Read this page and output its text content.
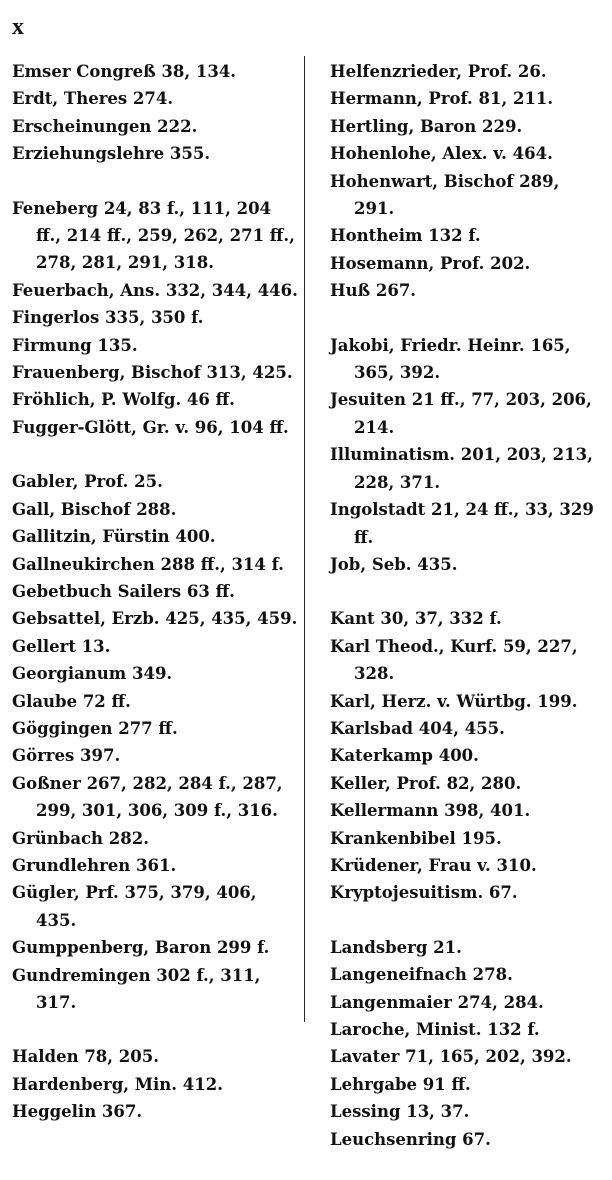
x
Emser Congreß 38, 134.
Erdt, Theres 274.
Erscheinungen 222.
Erziehungslehre 355.
Feneberg 24, 83 f., 111, 204 ff., 214 ff., 259, 262, 271 ff., 278, 281, 291, 318.
Feuerbach, Ans. 332, 344, 446.
Fingerlos 335, 350 f.
Firmung 135.
Frauenberg, Bischof 313, 425.
Fröhlich, P. Wolfg. 46 ff.
Fugger-Glött, Gr. v. 96, 104 ff.
Gabler, Prof. 25.
Gall, Bischof 288.
Gallitzin, Fürstin 400.
Gallneukirchen 288 ff., 314 f.
Gebetbuch Sailers 63 ff.
Gebsattel, Erzb. 425, 435, 459.
Gellert 13.
Georgianum 349.
Glaube 72 ff.
Göggingen 277 ff.
Görres 397.
Goßner 267, 282, 284 f., 287, 299, 301, 306, 309 f., 316.
Grünbach 282.
Grundlehren 361.
Gügler, Prf. 375, 379, 406, 435.
Gumppenberg, Baron 299 f.
Gundremingen 302 f., 311, 317.
Halden 78, 205.
Hardenberg, Min. 412.
Heggelin 367.
Helfenzrieder, Prof. 26.
Hermann, Prof. 81, 211.
Hertling, Baron 229.
Hohenlohe, Alex. v. 464.
Hohenwart, Bischof 289, 291.
Hontheim 132 f.
Hosemann, Prof. 202.
Huß 267.
Jakobi, Friedr. Heinr. 165, 365, 392.
Jesuiten 21 ff., 77, 203, 206, 214.
Illuminatism. 201, 203, 213, 228, 371.
Ingolstadt 21, 24 ff., 33, 329 ff.
Job, Seb. 435.
Kant 30, 37, 332 f.
Karl Theod., Kurf. 59, 227, 328.
Karl, Herz. v. Würtbg. 199.
Karlsbad 404, 455.
Katerkamp 400.
Keller, Prof. 82, 280.
Kellermann 398, 401.
Krankenbibel 195.
Krüdener, Frau v. 310.
Kryptojesuitism. 67.
Landsberg 21.
Langeneifnach 278.
Langenmaier 274, 284.
Laroche, Minist. 132 f.
Lavater 71, 165, 202, 392.
Lehrgabe 91 ff.
Lessing 13, 37.
Leuchsenring 67.
